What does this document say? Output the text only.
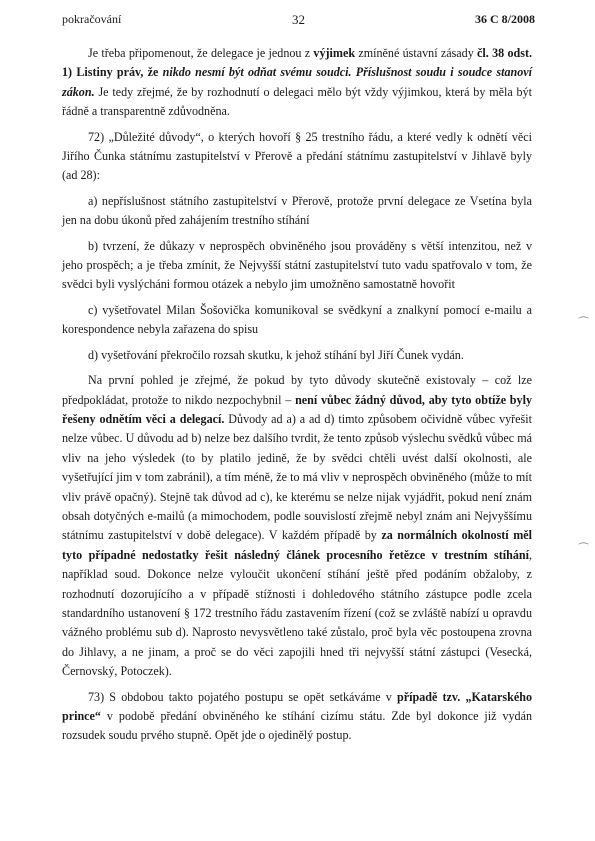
pokračování	32	36 C 8/2008

Je třeba připomenout, že delegace je jednou z výjimek zmíněné ústavní zásady čl. 38 odst. 1) Listiny práv, že nikdo nesmí být odňat svému soudci. Příslušnost soudu i soudce stanoví zákon. Je tedy zřejmé, že by rozhodnutí o delegaci mělo být vždy výjimkou, která by měla být řádně a transparentně zdůvodněna.

72) „Důležité důvody“, o kterých hovoří § 25 trestního řádu, a které vedly k odnětí věci Jiřího Čunka státnímu zastupitelství v Přerově a předání státnímu zastupitelství v Jihlavě byly (ad 28):

a) nepříslušnost státního zastupitelství v Přerově, protože první delegace ze Vsetína byla jen na dobu úkonů před zahájením trestního stíhání

b) tvrzení, že důkazy v neprospěch obviněného jsou prováděny s větší intenzitou, než v jeho prospěch; a je třeba zmínit, že Nejvyšší státní zastupitelství tuto vadu spatřovalo v tom, že svědci byli vyslýcháni formou otázek a nebylo jim umožněno samostatně hovořit

c) vyšetřovatel Milan Šošovička komunikoval se svědkyní a znalkyní pomocí e-mailu a korespondence nebyla zařazena do spisu

d) vyšetřování překročilo rozsah skutku, k jehož stíhání byl Jiří Čunek vydán.

Na první pohled je zřejmé, že pokud by tyto důvody skutečně existovaly – což lze předpokládat, protože to nikdo nezpochybnil – není vůbec žádný důvod, aby tyto obtíže byly řešeny odnětím věci a delegací. Důvody ad a) a ad d) timto způsobem očividně vůbec vyřešit nelze vůbec. U důvodu ad b) nelze bez dalšího tvrdit, že tento způsob výslechu svědků vůbec má vliv na jeho výsledek (to by platilo jedině, že by svědci chtěli uvést další okolnosti, ale vyšetřující jim v tom zabránil), a tím méně, že to má vliv v neprospěch obviněného (může to mít vliv právě opačný). Stejně tak důvod ad c), ke kterému se nelze nijak vyjádřit, pokud není znám obsah dotyčných e-mailů (a mimochodem, podle souvislostí zřejmě nebyl znám ani Nejvyššímu státnímu zastupitelství v době delegace). V každém případě by za normálních okolností měl tyto případné nedostatky řešit následný článek procesního řetězce v trestním stíhání, například soud. Dokonce nelze vyloučit ukončení stíhání ještě před podáním obžaloby, z rozhodnutí dozorujícího a v případě stížnosti i dohledového státního zástupce podle zcela standardního ustanovení § 172 trestního řádu zastavením řízení (což se zvláště nabízí u opravdu vážného problému sub d). Naprosto nevysvětleno také zůstalo, proč byla věc postoupena zrovna do Jihlavy, a ne jinam, a proč se do věci zapojili hned tři nejvyšší státní zástupci (Vesecká, Černovský, Potoczek).

73) S obdobou takto pojatého postupu se opět setkáváme v případě tzv. „Katarského prince“ v podobě předání obviněného ke stíhání cizímu státu. Zde byl dokonce již vydán rozsudek soudu prvého stupně. Opět jde o ojedinělý postup.

⌒
⌒
